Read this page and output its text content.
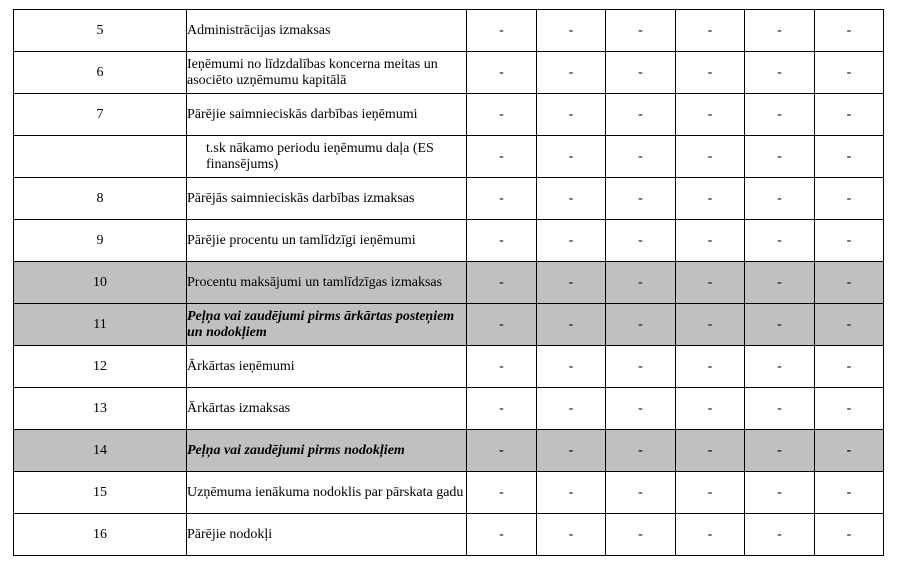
5	Administrācijas izmaksas	-	-	-	-	-	-
6	Ieņēmumi no līdzdalības koncerna meitas un asociēto uzņēmumu kapitālā	-	-	-	-	-	-
7	Pārējie saimnieciskās darbības ieņēmumi	-	-	-	-	-	-
	t.sk nākamo periodu ieņēmumu daļa (ES finansējums)	-	-	-	-	-	-
8	Pārējās saimnieciskās darbības izmaksas	-	-	-	-	-	-
9	Pārējie procentu un tamlīdzīgi ieņēmumi	-	-	-	-	-	-
10	Procentu maksājumi un tamlīdzīgas izmaksas	-	-	-	-	-	-
11	Peļņa vai zaudējumi pirms ārkārtas posteņiem un nodokļiem	-	-	-	-	-	-
12	Ārkārtas ieņēmumi	-	-	-	-	-	-
13	Ārkārtas izmaksas	-	-	-	-	-	-
14	Peļņa vai zaudējumi pirms nodokļiem	-	-	-	-	-	-
15	Uzņēmuma ienākuma nodoklis par pārskata gadu	-	-	-	-	-	-
16	Pārējie nodokļi	-	-	-	-	-	-
